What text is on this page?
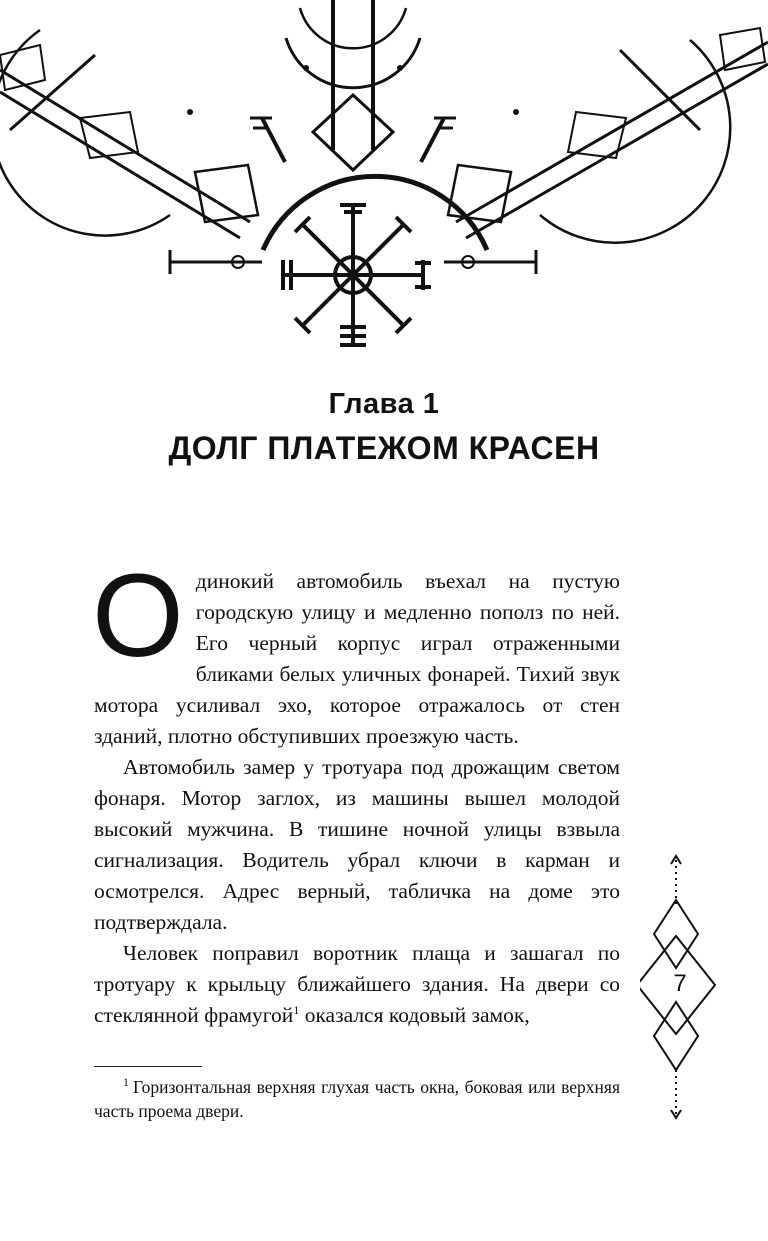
Глава 1
ДОЛГ ПЛАТЕЖОМ КРАСЕН

Одинокий автомобиль въехал на пустую городскую улицу и медленно пополз по ней. Его черный корпус играл отраженными бликами белых уличных фонарей. Тихий звук мотора усиливал эхо, которое отражалось от стен зданий, плотно обступивших проезжую часть.

Автомобиль замер у тротуара под дрожащим светом фонаря. Мотор заглох, из машины вышел молодой высокий мужчина. В тишине ночной улицы взвыла сигнализация. Водитель убрал ключи в карман и осмотрелся. Адрес верный, табличка на доме это подтверждала.

Человек поправил воротник плаща и зашагал по тротуару к крыльцу ближайшего здания. На двери со стеклянной фрамугой$^1$ оказался кодовый замок,

$^1$ Горизонтальная верхняя глухая часть окна, боковая или верхняя часть проема двери.
7
